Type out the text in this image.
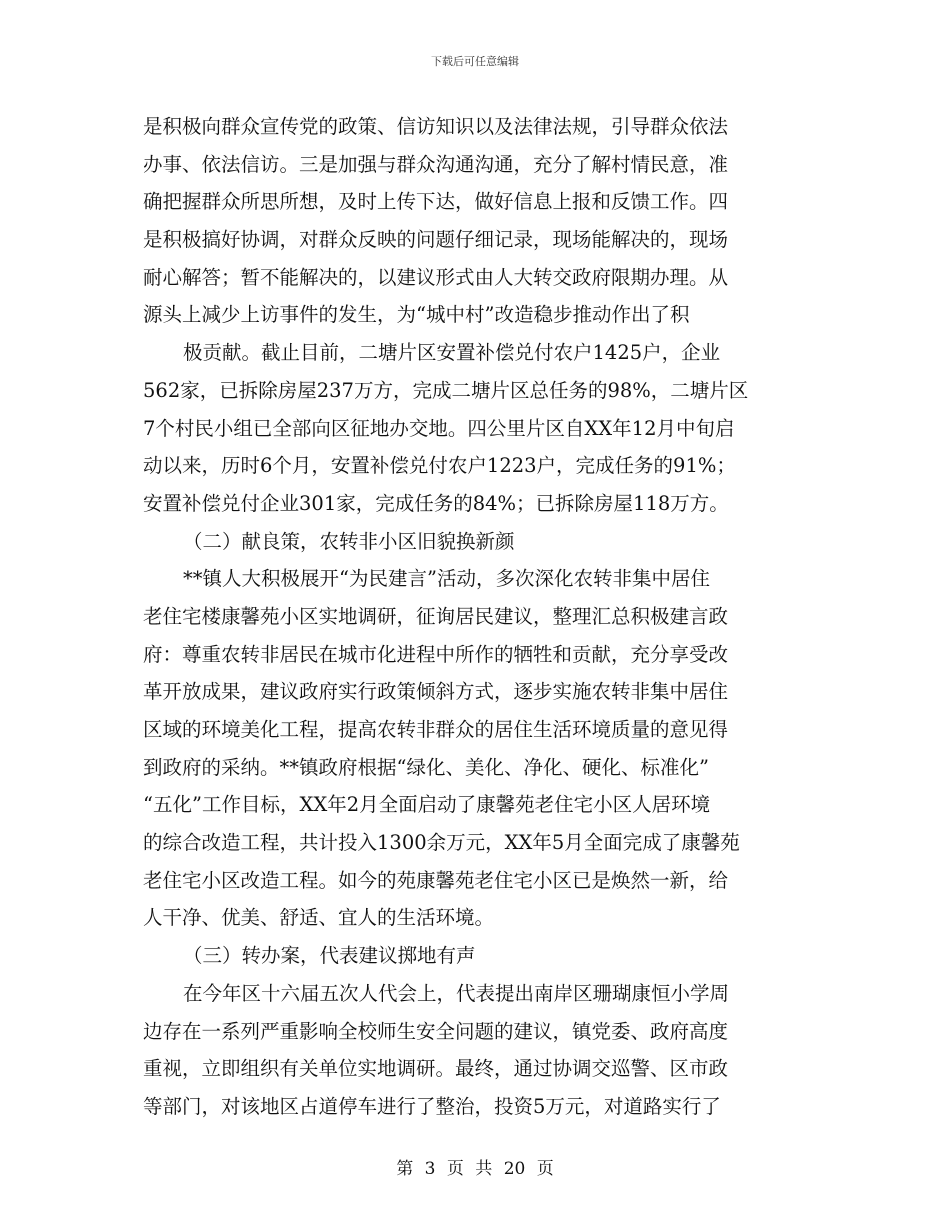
下载后可任意编辑
是积极向群众宣传党的政策、信访知识以及法律法规，引导群众依法
办事、依法信访。三是加强与群众沟通沟通，充分了解村情民意，准
确把握群众所思所想，及时上传下达，做好信息上报和反馈工作。四
是积极搞好协调，对群众反映的问题仔细记录，现场能解决的，现场
耐心解答；暂不能解决的，以建议形式由人大转交政府限期办理。从
源头上减少上访事件的发生，为“城中村”改造稳步推动作出了积
极贡献。截止目前，二塘片区安置补偿兑付农户1425户，企业
562家，已拆除房屋237万方，完成二塘片区总任务的98%，二塘片区
7个村民小组已全部向区征地办交地。四公里片区自XX年12月中旬启
动以来，历时6个月，安置补偿兑付农户1223户，完成任务的91%；
安置补偿兑付企业301家，完成任务的84%；已拆除房屋118万方。
（二）献良策，农转非小区旧貌换新颜
**镇人大积极展开“为民建言”活动，多次深化农转非集中居住
老住宅楼康馨苑小区实地调研，征询居民建议，整理汇总积极建言政
府：尊重农转非居民在城市化进程中所作的牺牲和贡献，充分享受改
革开放成果，建议政府实行政策倾斜方式，逐步实施农转非集中居住
区域的环境美化工程，提高农转非群众的居住生活环境质量的意见得
到政府的采纳。**镇政府根据“绿化、美化、净化、硬化、标准化”
“五化”工作目标，XX年2月全面启动了康馨苑老住宅小区人居环境
的综合改造工程，共计投入1300余万元，XX年5月全面完成了康馨苑
老住宅小区改造工程。如今的苑康馨苑老住宅小区已是焕然一新，给
人干净、优美、舒适、宜人的生活环境。
（三）转办案，代表建议掷地有声
在今年区十六届五次人代会上，代表提出南岸区珊瑚康恒小学周
边存在一系列严重影响全校师生安全问题的建议，镇党委、政府高度
重视，立即组织有关单位实地调研。最终，通过协调交巡警、区市政
等部门，对该地区占道停车进行了整治，投资5万元，对道路实行了
第 3 页 共 20 页
